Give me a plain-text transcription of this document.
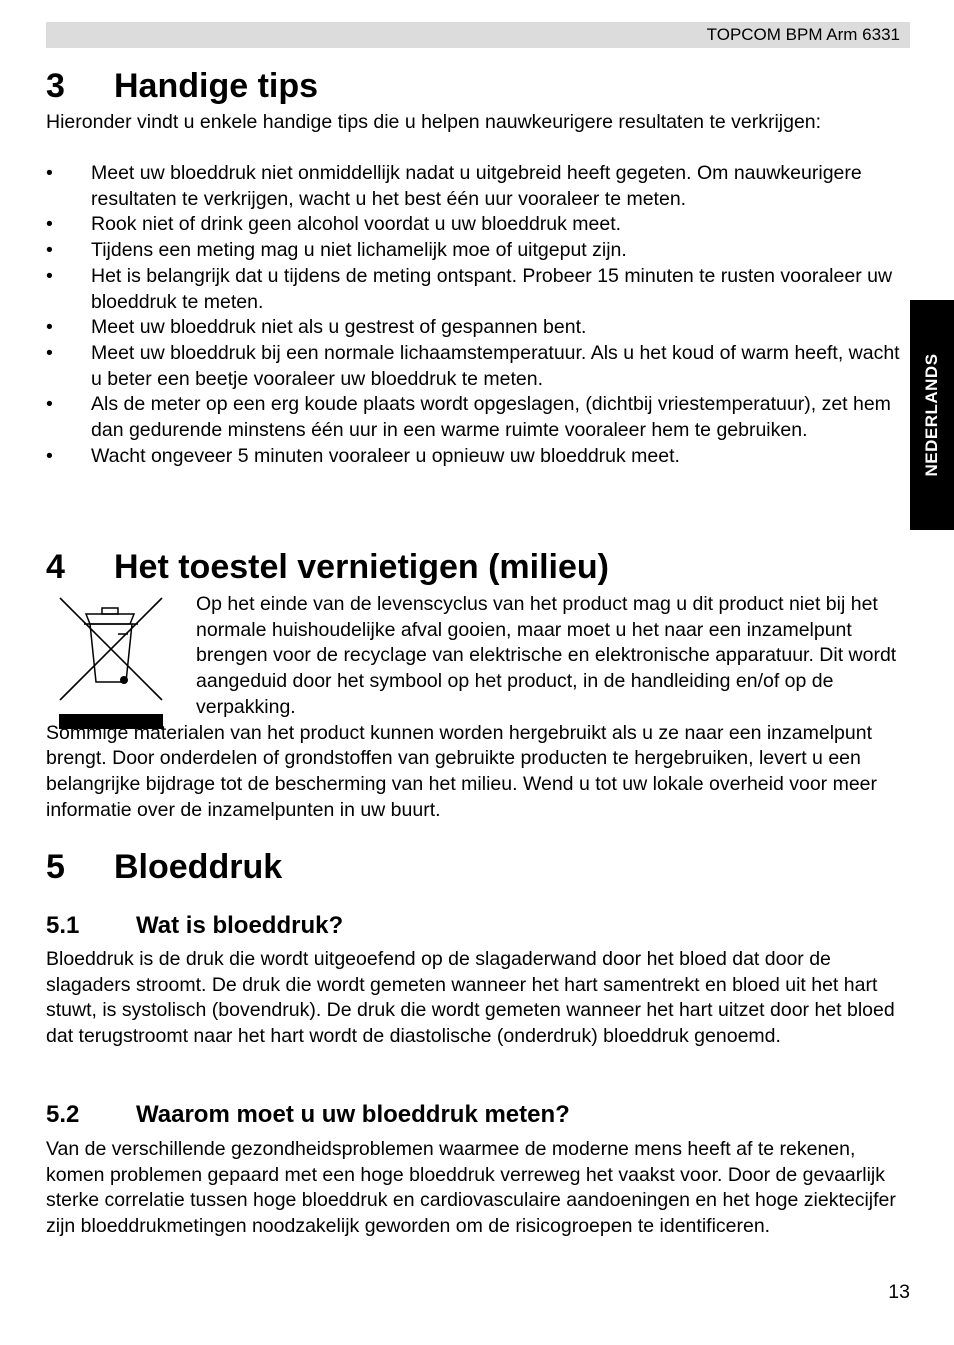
TOPCOM BPM Arm 6331
NEDERLANDS
3 Handige tips

Hieronder vindt u enkele handige tips die u helpen nauwkeurigere resultaten te verkrijgen:

• Meet uw bloeddruk niet onmiddellijk nadat u uitgebreid heeft gegeten. Om nauwkeurigere resultaten te verkrijgen, wacht u het best één uur vooraleer te meten.
• Rook niet of drink geen alcohol voordat u uw bloeddruk meet.
• Tijdens een meting mag u niet lichamelijk moe of uitgeput zijn.
• Het is belangrijk dat u tijdens de meting ontspant. Probeer 15 minuten te rusten vooraleer uw bloeddruk te meten.
• Meet uw bloeddruk niet als u gestrest of gespannen bent.
• Meet uw bloeddruk bij een normale lichaamstemperatuur. Als u het koud of warm heeft, wacht u beter een beetje vooraleer uw bloeddruk te meten.
• Als de meter op een erg koude plaats wordt opgeslagen, (dichtbij vriestemperatuur), zet hem dan gedurende minstens één uur in een warme ruimte vooraleer hem te gebruiken.
• Wacht ongeveer 5 minuten vooraleer u opnieuw uw bloeddruk meet.
4 Het toestel vernietigen (milieu)
Op het einde van de levenscyclus van het product mag u dit product niet bij het normale huishoudelijke afval gooien, maar moet u het naar een inzamelpunt brengen voor de recyclage van elektrische en elektronische apparatuur. Dit wordt aangeduid door het symbool op het product, in de handleiding en/of op de verpakking.
Sommige materialen van het product kunnen worden hergebruikt als u ze naar een inzamelpunt brengt. Door onderdelen of grondstoffen van gebruikte producten te hergebruiken, levert u een belangrijke bijdrage tot de bescherming van het milieu. Wend u tot uw lokale overheid voor meer informatie over de inzamelpunten in uw buurt.
5 Bloeddruk
5.1 Wat is bloeddruk?

Bloeddruk is de druk die wordt uitgeoefend op de slagaderwand door het bloed dat door de slagaders stroomt. De druk die wordt gemeten wanneer het hart samentrekt en bloed uit het hart stuwt, is systolisch (bovendruk). De druk die wordt gemeten wanneer het hart uitzet door het bloed dat terugstroomt naar het hart wordt de diastolische (onderdruk) bloeddruk genoemd.

5.2 Waarom moet u uw bloeddruk meten?

Van de verschillende gezondheidsproblemen waarmee de moderne mens heeft af te rekenen, komen problemen gepaard met een hoge bloeddruk verreweg het vaakst voor. Door de gevaarlijk sterke correlatie tussen hoge bloeddruk en cardiovasculaire aandoeningen en het hoge ziektecijfer zijn bloeddrukmetingen noodzakelijk geworden om de risicogroepen te identificeren.

13
